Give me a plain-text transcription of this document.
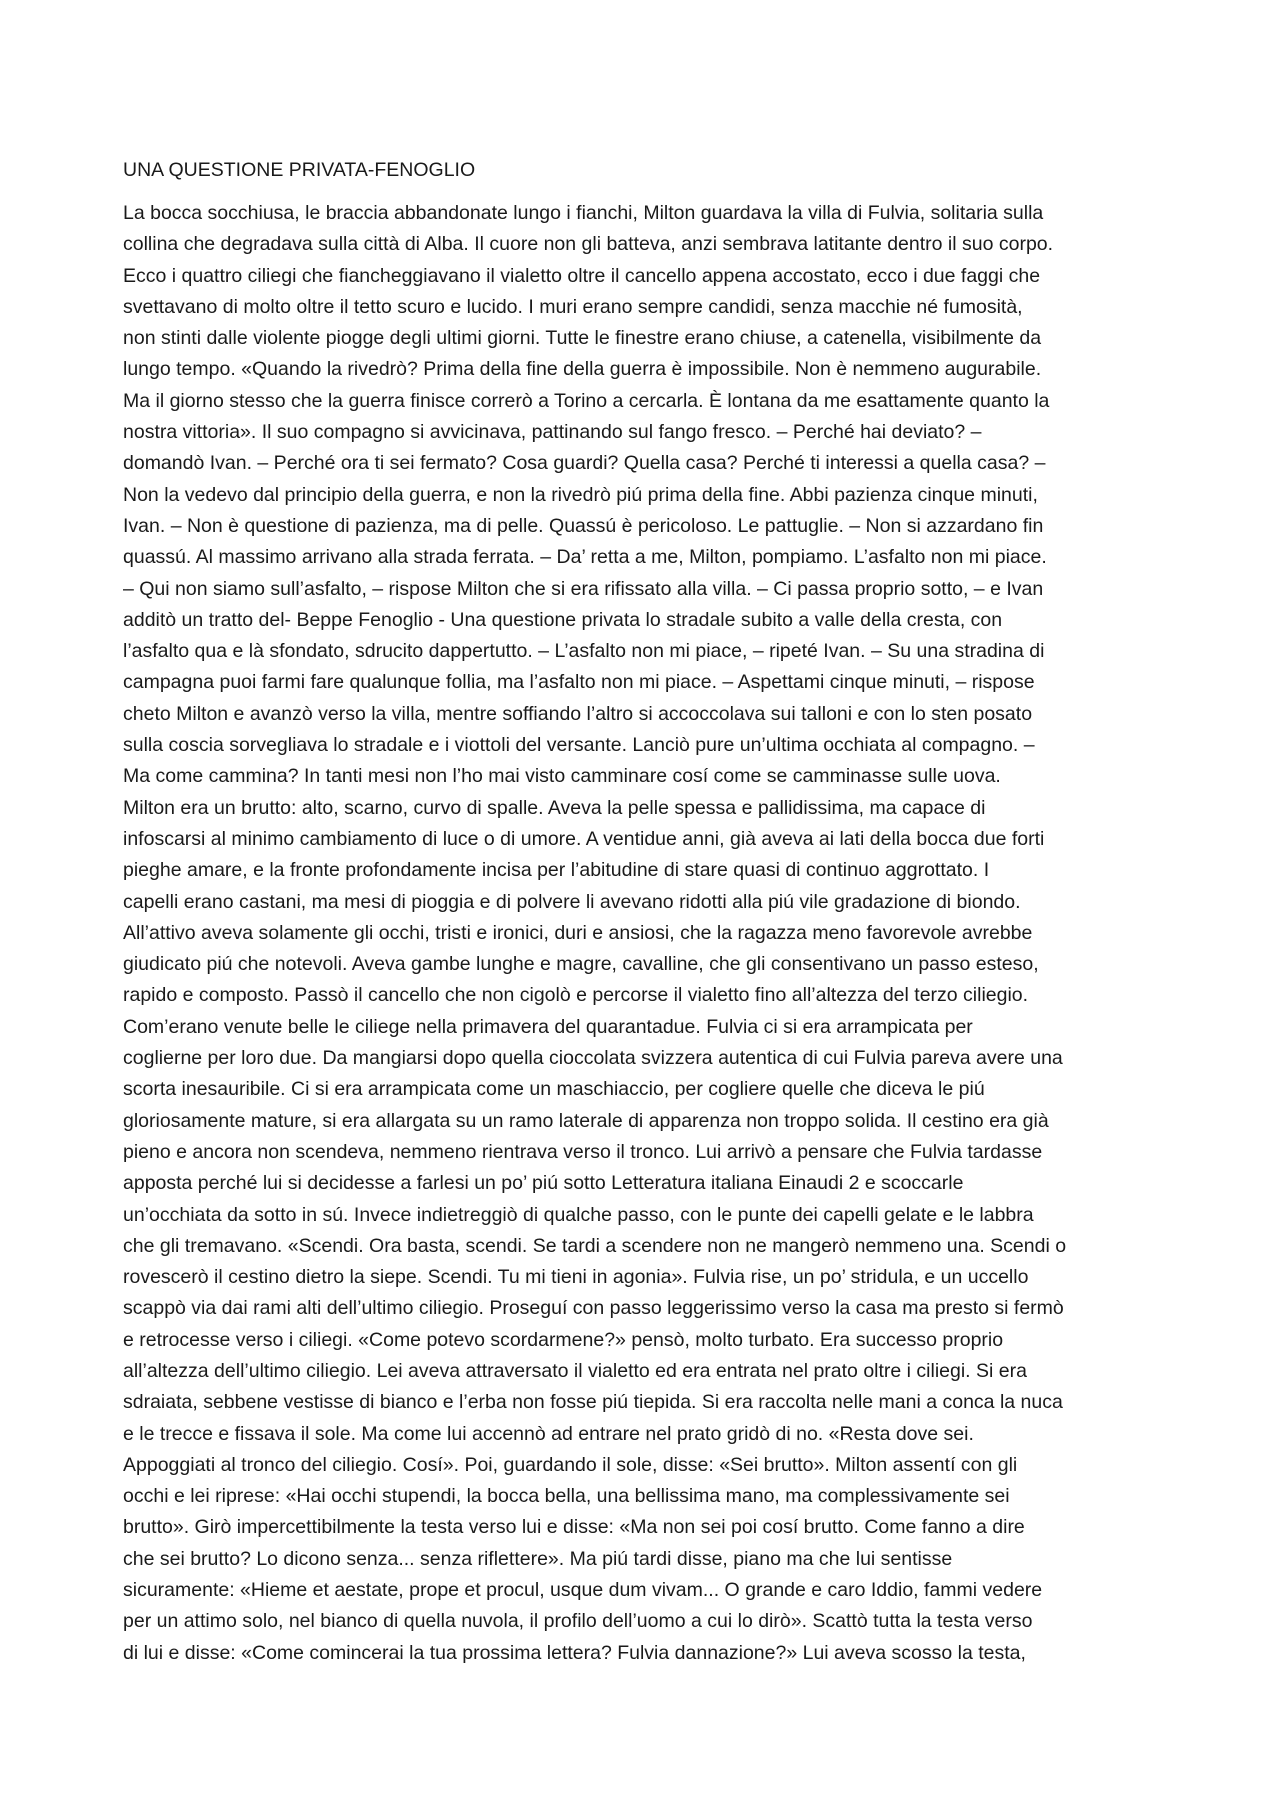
UNA QUESTIONE PRIVATA-FENOGLIO
La bocca socchiusa, le braccia abbandonate lungo i fianchi, Milton guardava la villa di Fulvia, solitaria sulla
collina che degradava sulla città di Alba. Il cuore non gli batteva, anzi sembrava latitante dentro il suo corpo.
Ecco i quattro ciliegi che fiancheggiavano il vialetto oltre il cancello appena accostato, ecco i due faggi che
svettavano di molto oltre il tetto scuro e lucido. I muri erano sempre candidi, senza macchie né fumosità,
non stinti dalle violente piogge degli ultimi giorni. Tutte le finestre erano chiuse, a catenella, visibilmente da
lungo tempo. «Quando la rivedrò? Prima della fine della guerra è impossibile. Non è nemmeno augurabile.
Ma il giorno stesso che la guerra finisce correrò a Torino a cercarla. È lontana da me esattamente quanto la
nostra vittoria». Il suo compagno si avvicinava, pattinando sul fango fresco. – Perché hai deviato? –
domandò Ivan. – Perché ora ti sei fermato? Cosa guardi? Quella casa? Perché ti interessi a quella casa? –
Non la vedevo dal principio della guerra, e non la rivedrò piú prima della fine. Abbi pazienza cinque minuti,
Ivan. – Non è questione di pazienza, ma di pelle. Quassú è pericoloso. Le pattuglie. – Non si azzardano fin
quassú. Al massimo arrivano alla strada ferrata. – Da’ retta a me, Milton, pompiamo. L’asfalto non mi piace.
– Qui non siamo sull’asfalto, – rispose Milton che si era rifissato alla villa. – Ci passa proprio sotto, – e Ivan
additò un tratto del- Beppe Fenoglio - Una questione privata lo stradale subito a valle della cresta, con
l’asfalto qua e là sfondato, sdrucito dappertutto. – L’asfalto non mi piace, – ripeté Ivan. – Su una stradina di
campagna puoi farmi fare qualunque follia, ma l’asfalto non mi piace. – Aspettami cinque minuti, – rispose
cheto Milton e avanzò verso la villa, mentre soffiando l’altro si accoccolava sui talloni e con lo sten posato
sulla coscia sorvegliava lo stradale e i viottoli del versante. Lanciò pure un’ultima occhiata al compagno. –
Ma come cammina? In tanti mesi non l’ho mai visto camminare cosí come se camminasse sulle uova.
Milton era un brutto: alto, scarno, curvo di spalle. Aveva la pelle spessa e pallidissima, ma capace di
infoscarsi al minimo cambiamento di luce o di umore. A ventidue anni, già aveva ai lati della bocca due forti
pieghe amare, e la fronte profondamente incisa per l’abitudine di stare quasi di continuo aggrottato. I
capelli erano castani, ma mesi di pioggia e di polvere li avevano ridotti alla piú vile gradazione di biondo.
All’attivo aveva solamente gli occhi, tristi e ironici, duri e ansiosi, che la ragazza meno favorevole avrebbe
giudicato piú che notevoli. Aveva gambe lunghe e magre, cavalline, che gli consentivano un passo esteso,
rapido e composto. Passò il cancello che non cigolò e percorse il vialetto fino all’altezza del terzo ciliegio.
Com’erano venute belle le ciliege nella primavera del quarantadue. Fulvia ci si era arrampicata per
coglierne per loro due. Da mangiarsi dopo quella cioccolata svizzera autentica di cui Fulvia pareva avere una
scorta inesauribile. Ci si era arrampicata come un maschiaccio, per cogliere quelle che diceva le piú
gloriosamente mature, si era allargata su un ramo laterale di apparenza non troppo solida. Il cestino era già
pieno e ancora non scendeva, nemmeno rientrava verso il tronco. Lui arrivò a pensare che Fulvia tardasse
apposta perché lui si decidesse a farlesi un po’ piú sotto Letteratura italiana Einaudi 2 e scoccarle
un’occhiata da sotto in sú. Invece indietreggiò di qualche passo, con le punte dei capelli gelate e le labbra
che gli tremavano. «Scendi. Ora basta, scendi. Se tardi a scendere non ne mangerò nemmeno una. Scendi o
rovescerò il cestino dietro la siepe. Scendi. Tu mi tieni in agonia». Fulvia rise, un po’ stridula, e un uccello
scappò via dai rami alti dell’ultimo ciliegio. Proseguí con passo leggerissimo verso la casa ma presto si fermò
e retrocesse verso i ciliegi. «Come potevo scordarmene?» pensò, molto turbato. Era successo proprio
all’altezza dell’ultimo ciliegio. Lei aveva attraversato il vialetto ed era entrata nel prato oltre i ciliegi. Si era
sdraiata, sebbene vestisse di bianco e l’erba non fosse piú tiepida. Si era raccolta nelle mani a conca la nuca
e le trecce e fissava il sole. Ma come lui accennò ad entrare nel prato gridò di no. «Resta dove sei.
Appoggiati al tronco del ciliegio. Cosí». Poi, guardando il sole, disse: «Sei brutto». Milton assentí con gli
occhi e lei riprese: «Hai occhi stupendi, la bocca bella, una bellissima mano, ma complessivamente sei
brutto». Girò impercettibilmente la testa verso lui e disse: «Ma non sei poi cosí brutto. Come fanno a dire
che sei brutto? Lo dicono senza... senza riflettere». Ma piú tardi disse, piano ma che lui sentisse
sicuramente: «Hieme et aestate, prope et procul, usque dum vivam... O grande e caro Iddio, fammi vedere
per un attimo solo, nel bianco di quella nuvola, il profilo dell’uomo a cui lo dirò». Scattò tutta la testa verso
di lui e disse: «Come comincerai la tua prossima lettera? Fulvia dannazione?» Lui aveva scosso la testa,
